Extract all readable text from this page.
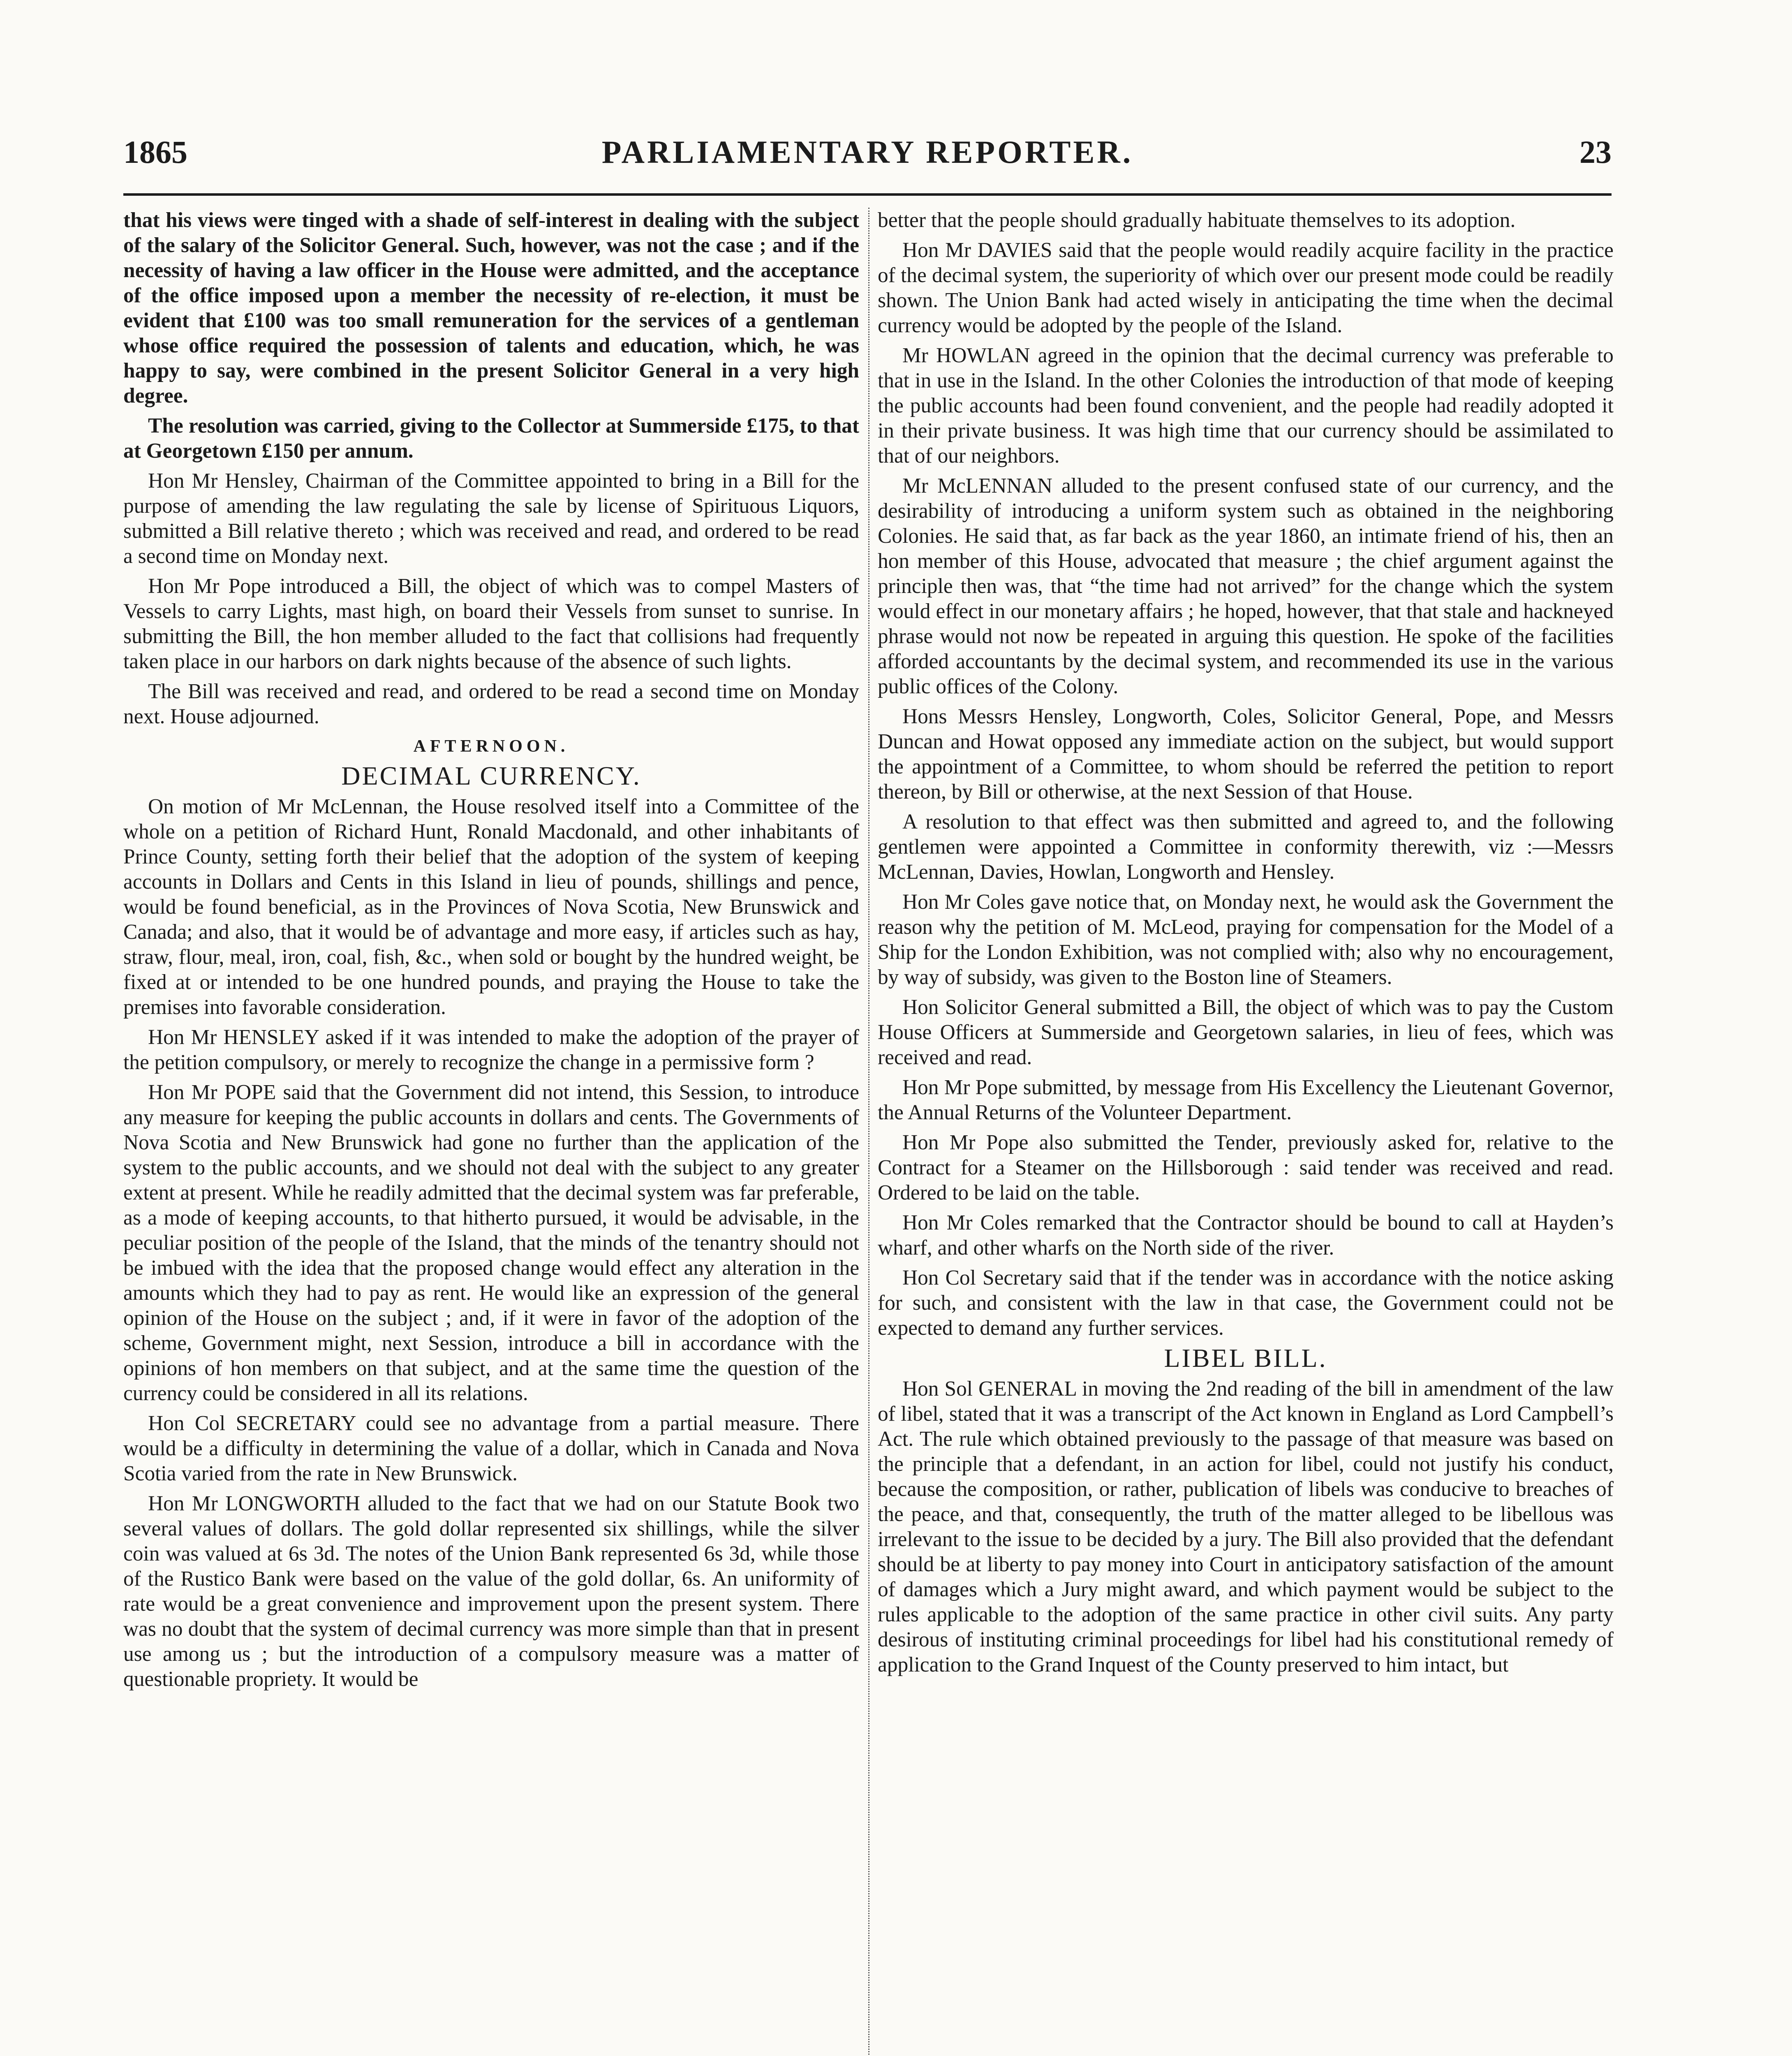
1865	PARLIAMENTARY REPORTER.	23

that his views were tinged with a shade of self-interest in dealing with the subject of the salary of the Solicitor General. Such, however, was not the case ; and if the necessity of having a law officer in the House were admitted, and the acceptance of the office imposed upon a member the necessity of re-election, it must be evident that £100 was too small remuneration for the services of a gentleman whose office required the possession of talents and education, which, he was happy to say, were combined in the present Solicitor General in a very high degree.

The resolution was carried, giving to the Collector at Summerside £175, to that at Georgetown £150 per annum.

Hon Mr Hensley, Chairman of the Committee appointed to bring in a Bill for the purpose of amending the law regulating the sale by license of Spirituous Liquors, submitted a Bill relative thereto ; which was received and read, and ordered to be read a second time on Monday next.

Hon Mr Pope introduced a Bill, the object of which was to compel Masters of Vessels to carry Lights, mast high, on board their Vessels from sunset to sunrise. In submitting the Bill, the hon member alluded to the fact that collisions had frequently taken place in our harbors on dark nights because of the absence of such lights.

The Bill was received and read, and ordered to be read a second time on Monday next. House adjourned.

AFTERNOON.
DECIMAL CURRENCY.

On motion of Mr McLennan, the House resolved itself into a Committee of the whole on a petition of Richard Hunt, Ronald Macdonald, and other inhabitants of Prince County, setting forth their belief that the adoption of the system of keeping accounts in Dollars and Cents in this Island in lieu of pounds, shillings and pence, would be found beneficial, as in the Provinces of Nova Scotia, New Brunswick and Canada; and also, that it would be of advantage and more easy, if articles such as hay, straw, flour, meal, iron, coal, fish, &c., when sold or bought by the hundred weight, be fixed at or intended to be one hundred pounds, and praying the House to take the premises into favorable consideration.

Hon Mr HENSLEY asked if it was intended to make the adoption of the prayer of the petition compulsory, or merely to recognize the change in a permissive form ?

Hon Mr POPE said that the Government did not intend, this Session, to introduce any measure for keeping the public accounts in dollars and cents. The Governments of Nova Scotia and New Brunswick had gone no further than the application of the system to the public accounts, and we should not deal with the subject to any greater extent at present. While he readily admitted that the decimal system was far preferable, as a mode of keeping accounts, to that hitherto pursued, it would be advisable, in the peculiar position of the people of the Island, that the minds of the tenantry should not be imbued with the idea that the proposed change would effect any alteration in the amounts which they had to pay as rent. He would like an expression of the general opinion of the House on the subject ; and, if it were in favor of the adoption of the scheme, Government might, next Session, introduce a bill in accordance with the opinions of hon members on that subject, and at the same time the question of the currency could be considered in all its relations.

Hon Col SECRETARY could see no advantage from a partial measure. There would be a difficulty in determining the value of a dollar, which in Canada and Nova Scotia varied from the rate in New Brunswick.

Hon Mr LONGWORTH alluded to the fact that we had on our Statute Book two several values of dollars. The gold dollar represented six shillings, while the silver coin was valued at 6s 3d. The notes of the Union Bank represented 6s 3d, while those of the Rustico Bank were based on the value of the gold dollar, 6s. An uniformity of rate would be a great convenience and improvement upon the present system. There was no doubt that the system of decimal currency was more simple than that in present use among us ; but the introduction of a compulsory measure was a matter of questionable propriety. It would be

better that the people should gradually habituate themselves to its adoption.

Hon Mr DAVIES said that the people would readily acquire facility in the practice of the decimal system, the superiority of which over our present mode could be readily shown. The Union Bank had acted wisely in anticipating the time when the decimal currency would be adopted by the people of the Island.

Mr HOWLAN agreed in the opinion that the decimal currency was preferable to that in use in the Island. In the other Colonies the introduction of that mode of keeping the public accounts had been found convenient, and the people had readily adopted it in their private business. It was high time that our currency should be assimilated to that of our neighbors.

Mr McLENNAN alluded to the present confused state of our currency, and the desirability of introducing a uniform system such as obtained in the neighboring Colonies. He said that, as far back as the year 1860, an intimate friend of his, then an hon member of this House, advocated that measure ; the chief argument against the principle then was, that “the time had not arrived” for the change which the system would effect in our monetary affairs ; he hoped, however, that that stale and hackneyed phrase would not now be repeated in arguing this question. He spoke of the facilities afforded accountants by the decimal system, and recommended its use in the various public offices of the Colony.

Hons Messrs Hensley, Longworth, Coles, Solicitor General, Pope, and Messrs Duncan and Howat opposed any immediate action on the subject, but would support the appointment of a Committee, to whom should be referred the petition to report thereon, by Bill or otherwise, at the next Session of that House.

A resolution to that effect was then submitted and agreed to, and the following gentlemen were appointed a Committee in conformity therewith, viz :—Messrs McLennan, Davies, Howlan, Longworth and Hensley.

Hon Mr Coles gave notice that, on Monday next, he would ask the Government the reason why the petition of M. McLeod, praying for compensation for the Model of a Ship for the London Exhibition, was not complied with; also why no encouragement, by way of subsidy, was given to the Boston line of Steamers.

Hon Solicitor General submitted a Bill, the object of which was to pay the Custom House Officers at Summerside and Georgetown salaries, in lieu of fees, which was received and read.

Hon Mr Pope submitted, by message from His Excellency the Lieutenant Governor, the Annual Returns of the Volunteer Department.

Hon Mr Pope also submitted the Tender, previously asked for, relative to the Contract for a Steamer on the Hillsborough : said tender was received and read. Ordered to be laid on the table.

Hon Mr Coles remarked that the Contractor should be bound to call at Hayden’s wharf, and other wharfs on the North side of the river.

Hon Col Secretary said that if the tender was in accordance with the notice asking for such, and consistent with the law in that case, the Government could not be expected to demand any further services.

LIBEL BILL.

Hon Sol GENERAL in moving the 2nd reading of the bill in amendment of the law of libel, stated that it was a transcript of the Act known in England as Lord Campbell’s Act. The rule which obtained previously to the passage of that measure was based on the principle that a defendant, in an action for libel, could not justify his conduct, because the composition, or rather, publication of libels was conducive to breaches of the peace, and that, consequently, the truth of the matter alleged to be libellous was irrelevant to the issue to be decided by a jury. The Bill also provided that the defendant should be at liberty to pay money into Court in anticipatory satisfaction of the amount of damages which a Jury might award, and which payment would be subject to the rules applicable to the adoption of the same practice in other civil suits. Any party desirous of instituting criminal proceedings for libel had his constitutional remedy of application to the Grand Inquest of the County preserved to him intact, but
